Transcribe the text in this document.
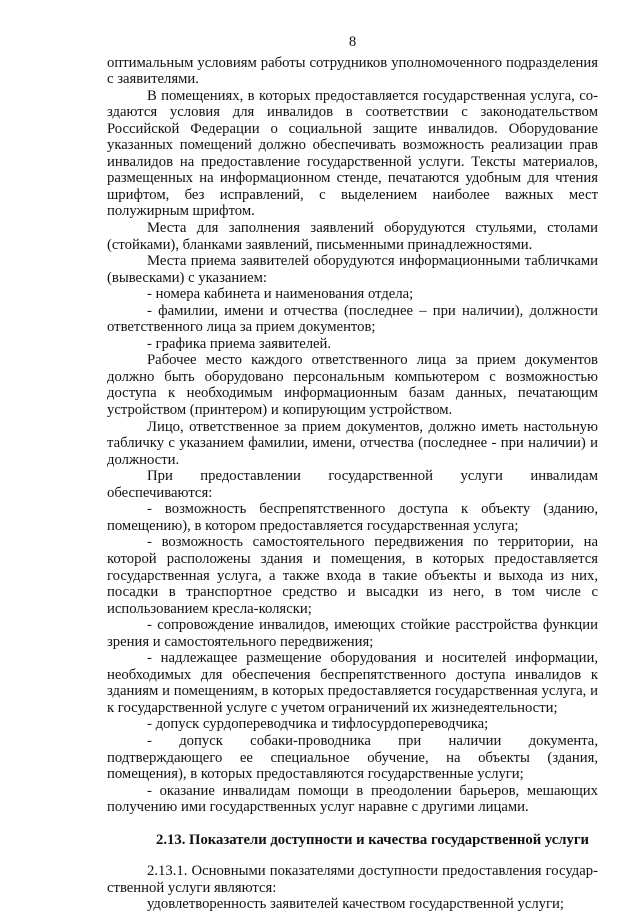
8

оптимальным условиям работы сотрудников уполномоченного подразделения с заявителями.

В помещениях, в которых предоставляется государственная услуга, создаются условия для инвалидов в соответствии с законодательством Российской Федерации о социальной защите инвалидов. Оборудование указанных помещений должно обеспечивать возможность реализации прав инвалидов на предоставление государственной услуги. Тексты материалов, размещенных на информационном стенде, печатаются удобным для чтения шрифтом, без исправлений, с выделением наиболее важных мест полужирным шрифтом.

Места для заполнения заявлений оборудуются стульями, столами (стойками), бланками заявлений, письменными принадлежностями.

Места приема заявителей оборудуются информационными табличками (вывесками) с указанием:

- номера кабинета и наименования отдела;

- фамилии, имени и отчества (последнее – при наличии), должности ответственного лица за прием документов;

- графика приема заявителей.

Рабочее место каждого ответственного лица за прием документов должно быть оборудовано персональным компьютером с возможностью доступа к необходимым информационным базам данных, печатающим устройством (принтером) и копирующим устройством.

Лицо, ответственное за прием документов, должно иметь настольную табличку с указанием фамилии, имени, отчества (последнее - при наличии) и должности.

При предоставлении государственной услуги инвалидам обеспечиваются:

- возможность беспрепятственного доступа к объекту (зданию, помещению), в котором предоставляется государственная услуга;

- возможность самостоятельного передвижения по территории, на которой расположены здания и помещения, в которых предоставляется государственная услуга, а также входа в такие объекты и выхода из них, посадки в транспортное средство и высадки из него, в том числе с использованием кресла-коляски;

- сопровождение инвалидов, имеющих стойкие расстройства функции зрения и самостоятельного передвижения;

- надлежащее размещение оборудования и носителей информации, необходимых для обеспечения беспрепятственного доступа инвалидов к зданиям и помещениям, в которых предоставляется государственная услуга, и к государственной услуге с учетом ограничений их жизнедеятельности;

- допуск сурдопереводчика и тифлосурдопереводчика;

- допуск собаки-проводника при наличии документа, подтверждающего ее специальное обучение, на объекты (здания, помещения), в которых предоставляются государственные услуги;

- оказание инвалидам помощи в преодолении барьеров, мешающих получению ими государственных услуг наравне с другими лицами.

2.13. Показатели доступности и качества государственной услуги

2.13.1. Основными показателями доступности предоставления государственной услуги являются:

удовлетворенность заявителей качеством государственной услуги;
